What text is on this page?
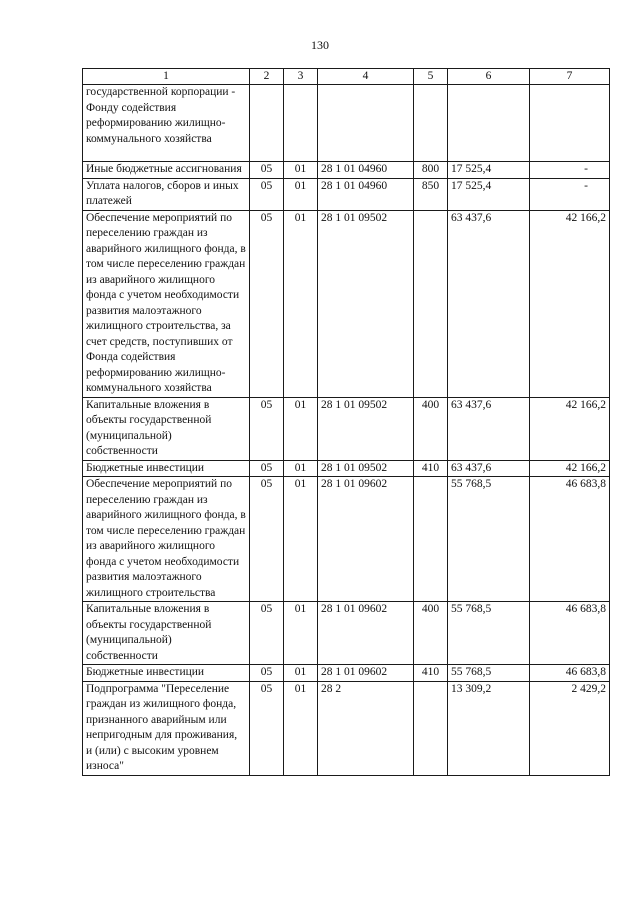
130
1	2	3	4	5	6	7
государственной корпорации - Фонду содействия реформированию жилищно-коммунального хозяйства						
Иные бюджетные ассигнования	05	01	28 1 01 04960	800	17 525,4	-
Уплата налогов, сборов и иных платежей	05	01	28 1 01 04960	850	17 525,4	-
Обеспечение мероприятий по переселению граждан из аварийного жилищного фонда, в том числе переселению граждан из аварийного жилищного фонда с учетом необходимости развития малоэтажного жилищного строительства, за счет средств, поступивших от Фонда содействия реформированию жилищно-коммунального хозяйства	05	01	28 1 01 09502		63 437,6	42 166,2
Капитальные вложения в объекты государственной (муниципальной) собственности	05	01	28 1 01 09502	400	63 437,6	42 166,2
Бюджетные инвестиции	05	01	28 1 01 09502	410	63 437,6	42 166,2
Обеспечение мероприятий по переселению граждан из аварийного жилищного фонда, в том числе переселению граждан из аварийного жилищного фонда с учетом необходимости развития малоэтажного жилищного строительства	05	01	28 1 01 09602		55 768,5	46 683,8
Капитальные вложения в объекты государственной (муниципальной) собственности	05	01	28 1 01 09602	400	55 768,5	46 683,8
Бюджетные инвестиции	05	01	28 1 01 09602	410	55 768,5	46 683,8
Подпрограмма "Переселение граждан из жилищного фонда, признанного аварийным или непригодным для проживания, и (или) с высоким уровнем износа"	05	01	28 2		13 309,2	2 429,2
